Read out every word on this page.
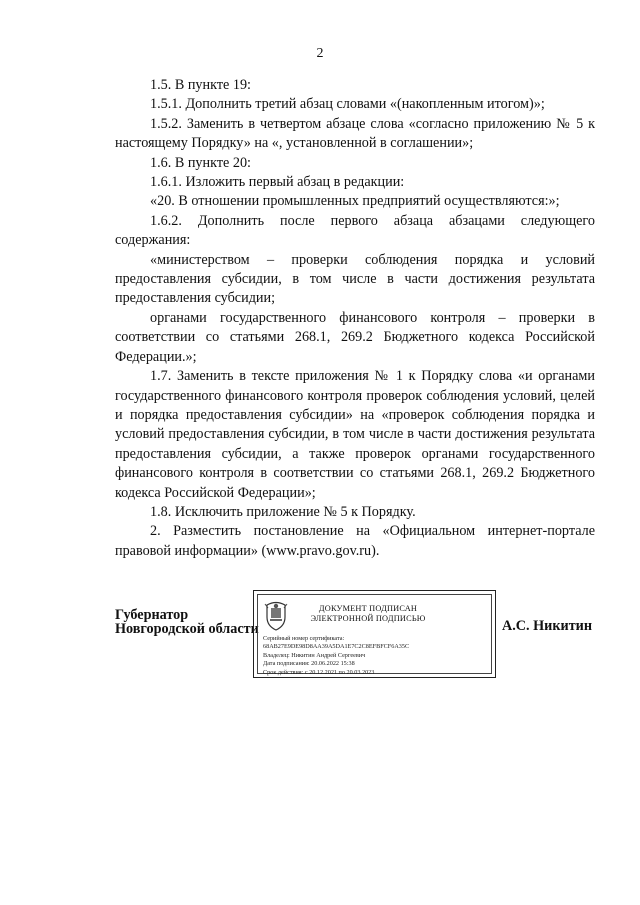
2

1.5. В пункте 19:

1.5.1. Дополнить третий абзац словами «(накопленным итогом)»;

1.5.2. Заменить в четвертом абзаце слова «согласно приложению № 5 к настоящему Порядку» на «, установленной в соглашении»;

1.6. В пункте 20:

1.6.1. Изложить первый абзац в редакции:

«20. В отношении промышленных предприятий осуществляются:»;

1.6.2. Дополнить после первого абзаца абзацами следующего содержания:

«министерством – проверки соблюдения порядка и условий предоставления субсидии, в том числе в части достижения результата предоставления субсидии;

органами государственного финансового контроля – проверки в соответствии со статьями 268.1, 269.2 Бюджетного кодекса Российской Федерации.»;

1.7. Заменить в тексте приложения № 1 к Порядку слова «и органами государственного финансового контроля проверок соблюдения условий, целей и порядка предоставления субсидии» на «проверок соблюдения порядка и условий предоставления субсидии, в том числе в части достижения результата предоставления субсидии, а также проверок органами государственного финансового контроля в соответствии со статьями 268.1, 269.2 Бюджетного кодекса Российской Федерации»;

1.8. Исключить приложение № 5 к Порядку.

2. Разместить постановление на «Официальном интернет-портале правовой информации» (www.pravo.gov.ru).

Губернатор
Новгородской области
ДОКУМЕНТ ПОДПИСАН
ЭЛЕКТРОННОЙ ПОДПИСЬЮ
Серийный номер сертификата:
68AB27E9DE98D8AA39A5DA1E7C2C8EFBFCF6A35C
Владелец: Никитин Андрей Сергеевич
Дата подписания: 20.06.2022 15:38
Срок действия: с 20.12.2021 по 20.03.2023
А.С. Никитин
